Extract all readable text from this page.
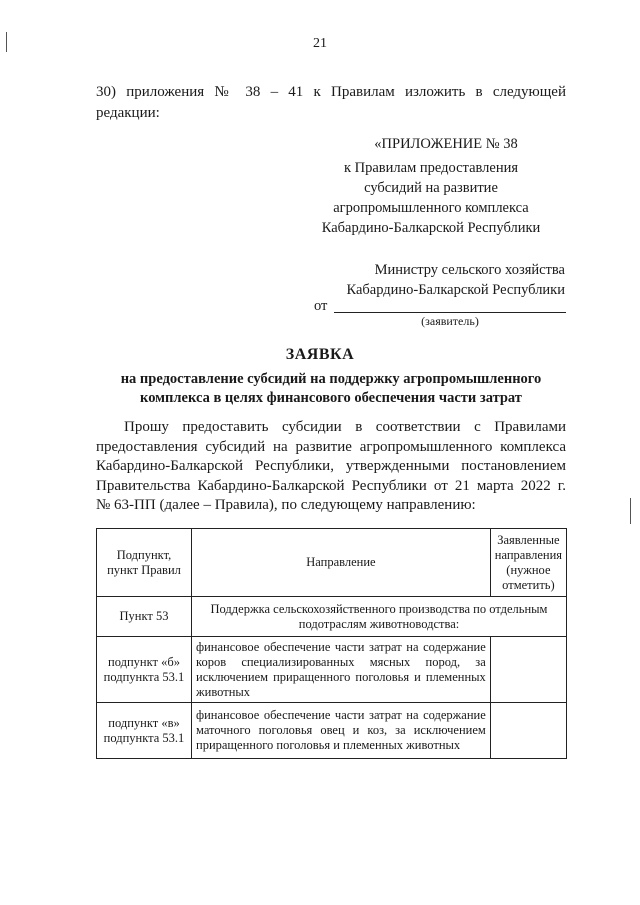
21
30) приложения № 38 – 41 к Правилам изложить в следующей
редакции:
«ПРИЛОЖЕНИЕ № 38
к Правилам предоставления
субсидий на развитие
агропромышленного комплекса
Кабардино-Балкарской Республики
Министру сельского хозяйства
Кабардино-Балкарской Республики
от
(заявитель)
ЗАЯВКА
на предоставление субсидий на поддержку агропромышленного
комплекса в целях финансового обеспечения части затрат
Прошу предоставить субсидии в соответствии с Правилами
предоставления субсидий на развитие агропромышленного комплекса
Кабардино-Балкарской Республики, утвержденными постановлением
Правительства Кабардино-Балкарской Республики от 21 марта 2022 г.
№ 63-ПП (далее – Правила), по следующему направлению:
Подпункт, пункт Правил	Направление	Заявленные направления (нужное отметить)
Пункт 53	Поддержка сельскохозяйственного производства по отдельным подотраслям животноводства:	
подпункт «б» подпункта 53.1	финансовое обеспечение части затрат на содержание коров специализированных мясных пород, за исключением приращенного поголовья и племенных животных	
подпункт «в» подпункта 53.1	финансовое обеспечение части затрат на содержание маточного поголовья овец и коз, за исключением приращенного поголовья и племенных животных	
